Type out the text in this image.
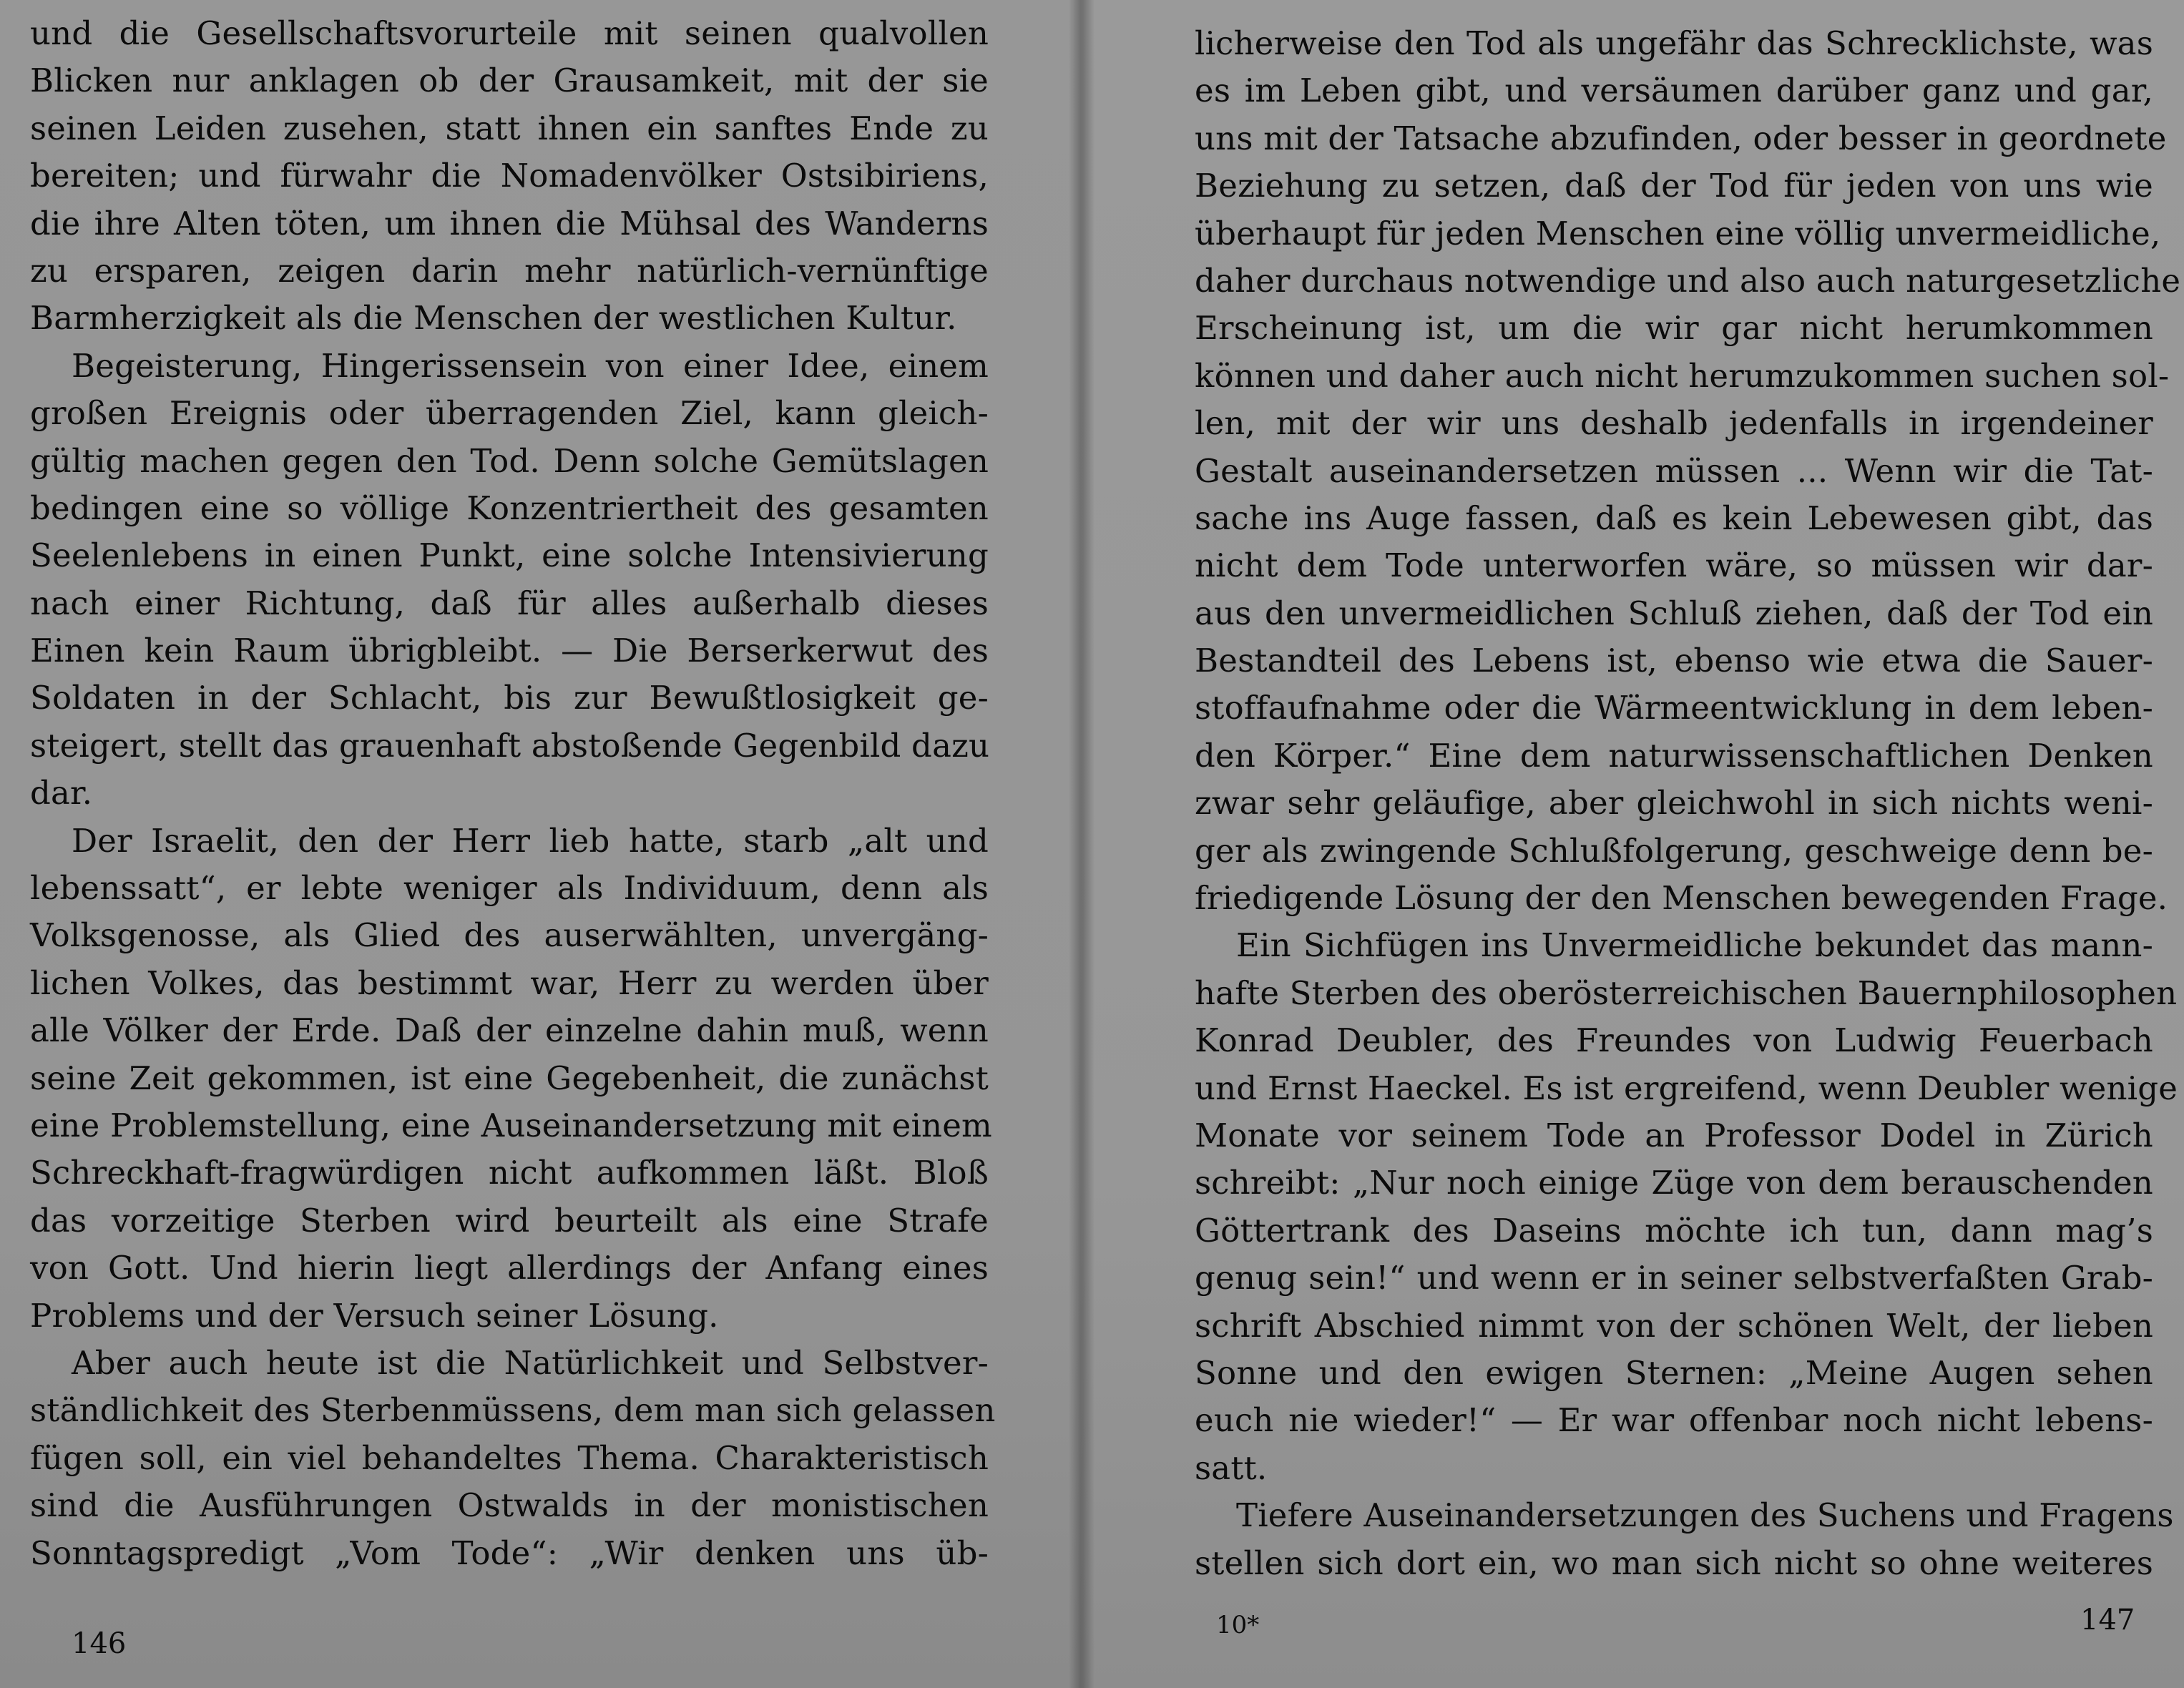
und die Gesellschaftsvorurteile mit seinen qualvollen
Blicken nur anklagen ob der Grausamkeit, mit der sie
seinen Leiden zusehen, statt ihnen ein sanftes Ende zu
bereiten; und fürwahr die Nomadenvölker Ostsibiriens,
die ihre Alten töten, um ihnen die Mühsal des Wanderns
zu ersparen, zeigen darin mehr natürlich-vernünftige
Barmherzigkeit als die Menschen der westlichen Kultur.
Begeisterung, Hingerissensein von einer Idee, einem
großen Ereignis oder überragenden Ziel, kann gleich-
gültig machen gegen den Tod. Denn solche Gemütslagen
bedingen eine so völlige Konzentriertheit des gesamten
Seelenlebens in einen Punkt, eine solche Intensivierung
nach einer Richtung, daß für alles außerhalb dieses
Einen kein Raum übrigbleibt. — Die Berserkerwut des
Soldaten in der Schlacht, bis zur Bewußtlosigkeit ge-
steigert, stellt das grauenhaft abstoßende Gegenbild dazu
dar.
Der Israelit, den der Herr lieb hatte, starb „alt und
lebenssatt“, er lebte weniger als Individuum, denn als
Volksgenosse, als Glied des auserwählten, unvergäng-
lichen Volkes, das bestimmt war, Herr zu werden über
alle Völker der Erde. Daß der einzelne dahin muß, wenn
seine Zeit gekommen, ist eine Gegebenheit, die zunächst
eine Problemstellung, eine Auseinandersetzung mit einem
Schreckhaft-fragwürdigen nicht aufkommen läßt. Bloß
das vorzeitige Sterben wird beurteilt als eine Strafe
von Gott. Und hierin liegt allerdings der Anfang eines
Problems und der Versuch seiner Lösung.
Aber auch heute ist die Natürlichkeit und Selbstver-
ständlichkeit des Sterbenmüssens, dem man sich gelassen
fügen soll, ein viel behandeltes Thema. Charakteristisch
sind die Ausführungen Ostwalds in der monistischen
Sonntagspredigt „Vom Tode“: „Wir denken uns üb-
146
licherweise den Tod als ungefähr das Schrecklichste, was
es im Leben gibt, und versäumen darüber ganz und gar,
uns mit der Tatsache abzufinden, oder besser in geordnete
Beziehung zu setzen, daß der Tod für jeden von uns wie
überhaupt für jeden Menschen eine völlig unvermeidliche,
daher durchaus notwendige und also auch naturgesetzliche
Erscheinung ist, um die wir gar nicht herumkommen
können und daher auch nicht herumzukommen suchen sol-
len, mit der wir uns deshalb jedenfalls in irgendeiner
Gestalt auseinandersetzen müssen ... Wenn wir die Tat-
sache ins Auge fassen, daß es kein Lebewesen gibt, das
nicht dem Tode unterworfen wäre, so müssen wir dar-
aus den unvermeidlichen Schluß ziehen, daß der Tod ein
Bestandteil des Lebens ist, ebenso wie etwa die Sauer-
stoffaufnahme oder die Wärmeentwicklung in dem leben-
den Körper.“ Eine dem naturwissenschaftlichen Denken
zwar sehr geläufige, aber gleichwohl in sich nichts weni-
ger als zwingende Schlußfolgerung, geschweige denn be-
friedigende Lösung der den Menschen bewegenden Frage.
Ein Sichfügen ins Unvermeidliche bekundet das mann-
hafte Sterben des oberösterreichischen Bauernphilosophen
Konrad Deubler, des Freundes von Ludwig Feuerbach
und Ernst Haeckel. Es ist ergreifend, wenn Deubler wenige
Monate vor seinem Tode an Professor Dodel in Zürich
schreibt: „Nur noch einige Züge von dem berauschenden
Göttertrank des Daseins möchte ich tun, dann mag’s
genug sein!“ und wenn er in seiner selbstverfaßten Grab-
schrift Abschied nimmt von der schönen Welt, der lieben
Sonne und den ewigen Sternen: „Meine Augen sehen
euch nie wieder!“ — Er war offenbar noch nicht lebens-
satt.
Tiefere Auseinandersetzungen des Suchens und Fragens
stellen sich dort ein, wo man sich nicht so ohne weiteres
10*	147
